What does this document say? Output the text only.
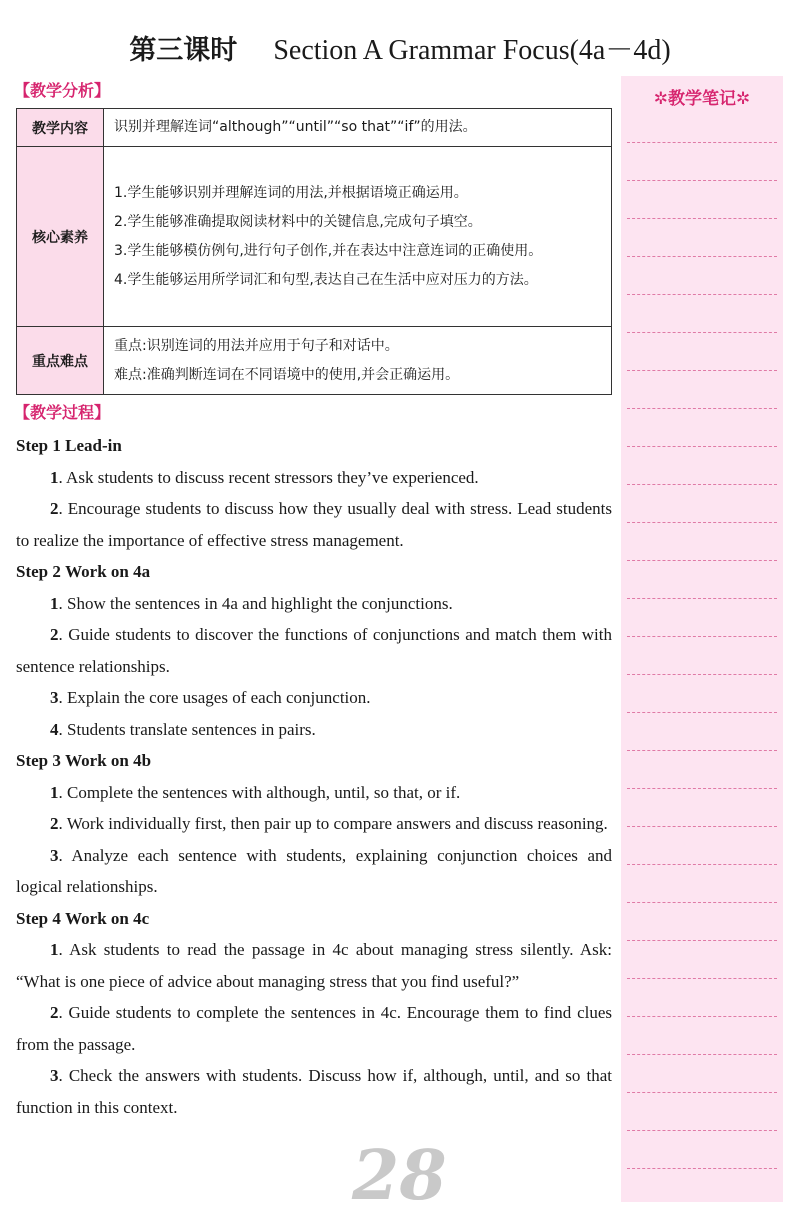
第三课时 Section A Grammar Focus(4a－4d)
【教学分析】
教学内容	识别并理解连词“although”“until”“so that”“if”的用法。

核心素养	1.学生能够识别并理解连词的用法,并根据语境正确运用。
2.学生能够准确提取阅读材料中的关键信息,完成句子填空。
3.学生能够模仿例句,进行句子创作,并在表达中注意连词的正确使用。
4.学生能够运用所学词汇和句型,表达自己在生活中应对压力的方法。

重点难点	重点:识别连词的用法并应用于句子和对话中。
难点:准确判断连词在不同语境中的使用,并会正确运用。
【教学过程】
Step 1 Lead-in

1. Ask students to discuss recent stressors they’ve experienced.

2. Encourage students to discuss how they usually deal with stress. Lead students to realize the importance of effective stress management.

Step 2 Work on 4a

1. Show the sentences in 4a and highlight the conjunctions.

2. Guide students to discover the functions of conjunctions and match them with sentence relationships.

3. Explain the core usages of each conjunction.

4. Students translate sentences in pairs.

Step 3 Work on 4b

1. Complete the sentences with although, until, so that, or if.

2. Work individually first, then pair up to compare answers and discuss reasoning.

3. Analyze each sentence with students, explaining conjunction choices and logical relationships.

Step 4 Work on 4c

1. Ask students to read the passage in 4c about managing stress silently. Ask: “What is one piece of advice about managing stress that you find useful?”

2. Guide students to complete the sentences in 4c. Encourage them to find clues from the passage.

3. Check the answers with students. Discuss how if, although, until, and so that function in this context.

✲教学笔记✲
28
